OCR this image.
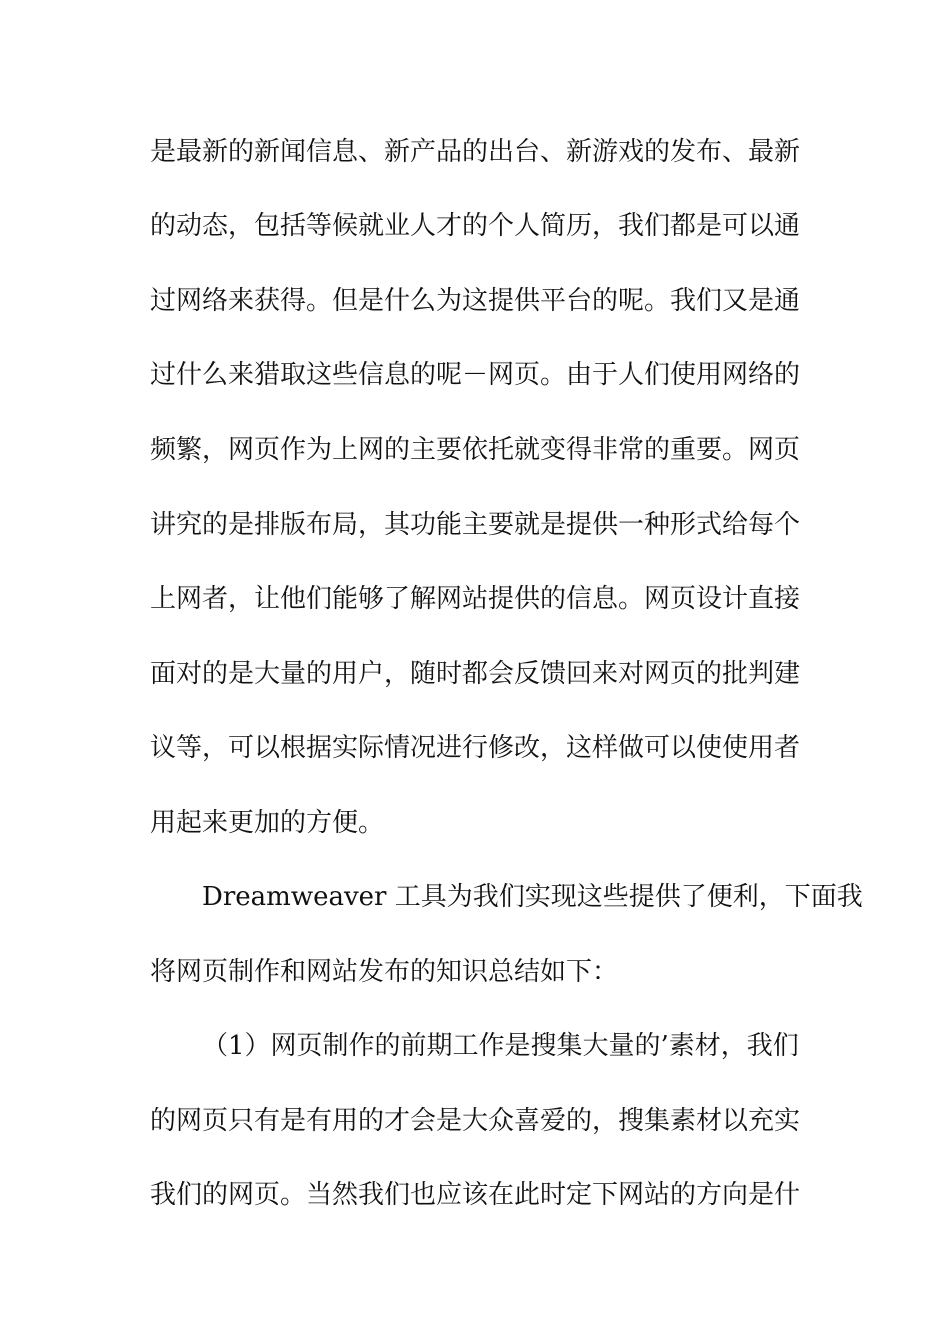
是最新的新闻信息、新产品的出台、新游戏的发布、最新

的动态，包括等候就业人才的个人简历，我们都是可以通

过网络来获得。但是什么为这提供平台的呢。我们又是通

过什么来猎取这些信息的呢－网页。由于人们使用网络的

频繁，网页作为上网的主要依托就变得非常的重要。网页

讲究的是排版布局，其功能主要就是提供一种形式给每个

上网者，让他们能够了解网站提供的信息。网页设计直接

面对的是大量的用户，随时都会反馈回来对网页的批判建

议等，可以根据实际情况进行修改，这样做可以使使用者

用起来更加的方便。

Dreamweaver 工具为我们实现这些提供了便利，下面我

将网页制作和网站发布的知识总结如下：

（1）网页制作的前期工作是搜集大量的’素材，我们

的网页只有是有用的才会是大众喜爱的，搜集素材以充实

我们的网页。当然我们也应该在此时定下网站的方向是什
